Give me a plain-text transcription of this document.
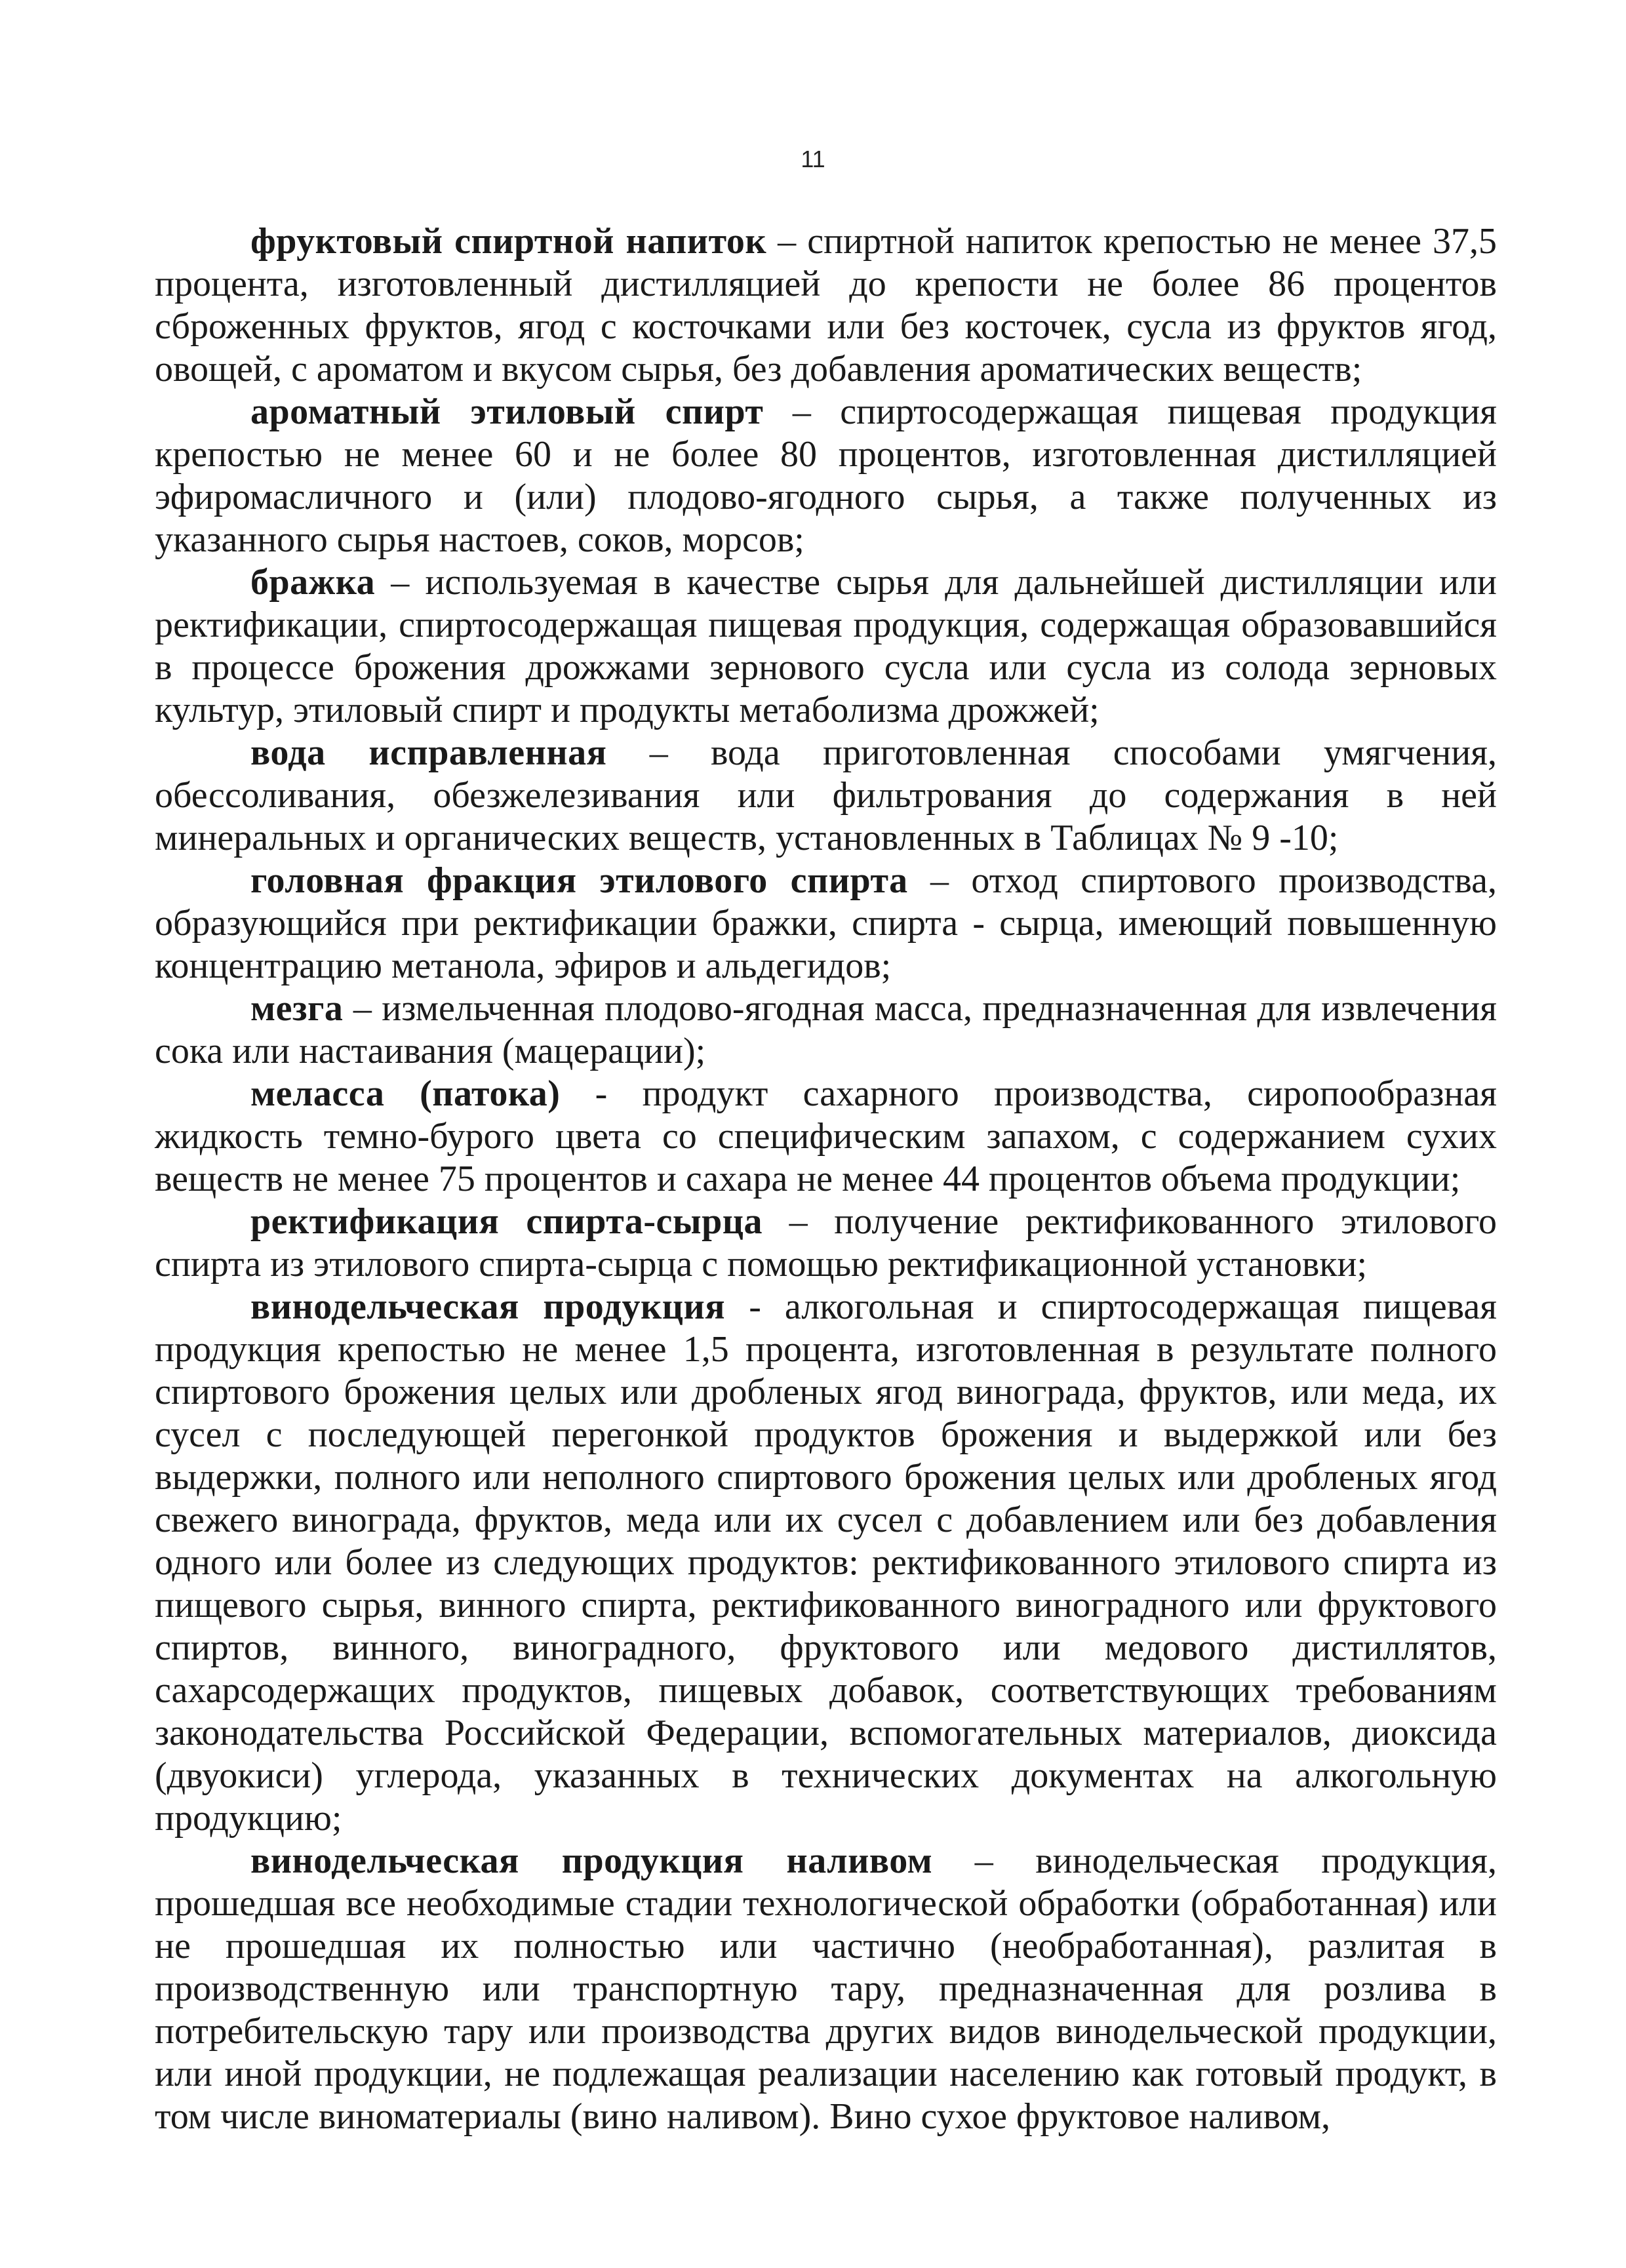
11

фруктовый спиртной напиток – спиртной напиток крепостью не менее 37,5 процента, изготовленный дистилляцией до крепости не более 86 процентов сброженных фруктов, ягод с косточками или без косточек, сусла из фруктов ягод, овощей, с ароматом и вкусом сырья, без добавления ароматических веществ;

ароматный этиловый спирт – спиртосодержащая пищевая продукция крепостью не менее 60 и не более 80 процентов, изготовленная дистилляцией эфиромасличного и (или) плодово-ягодного сырья, а также полученных из указанного сырья настоев, соков, морсов;

бражка – используемая в качестве сырья для дальнейшей дистилляции или ректификации, спиртосодержащая пищевая продукция, содержащая образовавшийся в процессе брожения дрожжами зернового сусла или сусла из солода зерновых культур, этиловый спирт и продукты метаболизма дрожжей;

вода исправленная – вода приготовленная способами умягчения, обессоливания, обезжелезивания или фильтрования до содержания в ней минеральных и органических веществ, установленных в Таблицах № 9 -10;

головная фракция этилового спирта – отход спиртового производства, образующийся при ректификации бражки, спирта - сырца, имеющий повышенную концентрацию метанола, эфиров и альдегидов;

мезга – измельченная плодово-ягодная масса, предназначенная для извлечения сока или настаивания (мацерации);

меласса (патока) - продукт сахарного производства, сиропообразная жидкость темно-бурого цвета со специфическим запахом, с содержанием сухих веществ не менее 75 процентов и сахара не менее 44 процентов объема продукции;

ректификация спирта-сырца – получение ректификованного этилового спирта из этилового спирта-сырца с помощью ректификационной установки;

винодельческая продукция - алкогольная и спиртосодержащая пищевая продукция крепостью не менее 1,5 процента, изготовленная в результате полного спиртового брожения целых или дробленых ягод винограда, фруктов, или меда, их сусел с последующей перегонкой продуктов брожения и выдержкой или без выдержки, полного или неполного спиртового брожения целых или дробленых ягод свежего винограда, фруктов, меда или их сусел с добавлением или без добавления одного или более из следующих продуктов: ректификованного этилового спирта из пищевого сырья, винного спирта, ректификованного виноградного или фруктового спиртов, винного, виноградного, фруктового или медового дистиллятов, сахарсодержащих продуктов, пищевых добавок, соответствующих требованиям законодательства Российской Федерации, вспомогательных материалов, диоксида (двуокиси) углерода, указанных в технических документах на алкогольную продукцию;

винодельческая продукция наливом – винодельческая продукция, прошедшая все необходимые стадии технологической обработки (обработанная) или не прошедшая их полностью или частично (необработанная), разлитая в производственную или транспортную тару, предназначенная для розлива в потребительскую тару или производства других видов винодельческой продукции, или иной продукции, не подлежащая реализации населению как готовый продукт, в том числе виноматериалы (вино наливом). Вино сухое фруктовое наливом,
